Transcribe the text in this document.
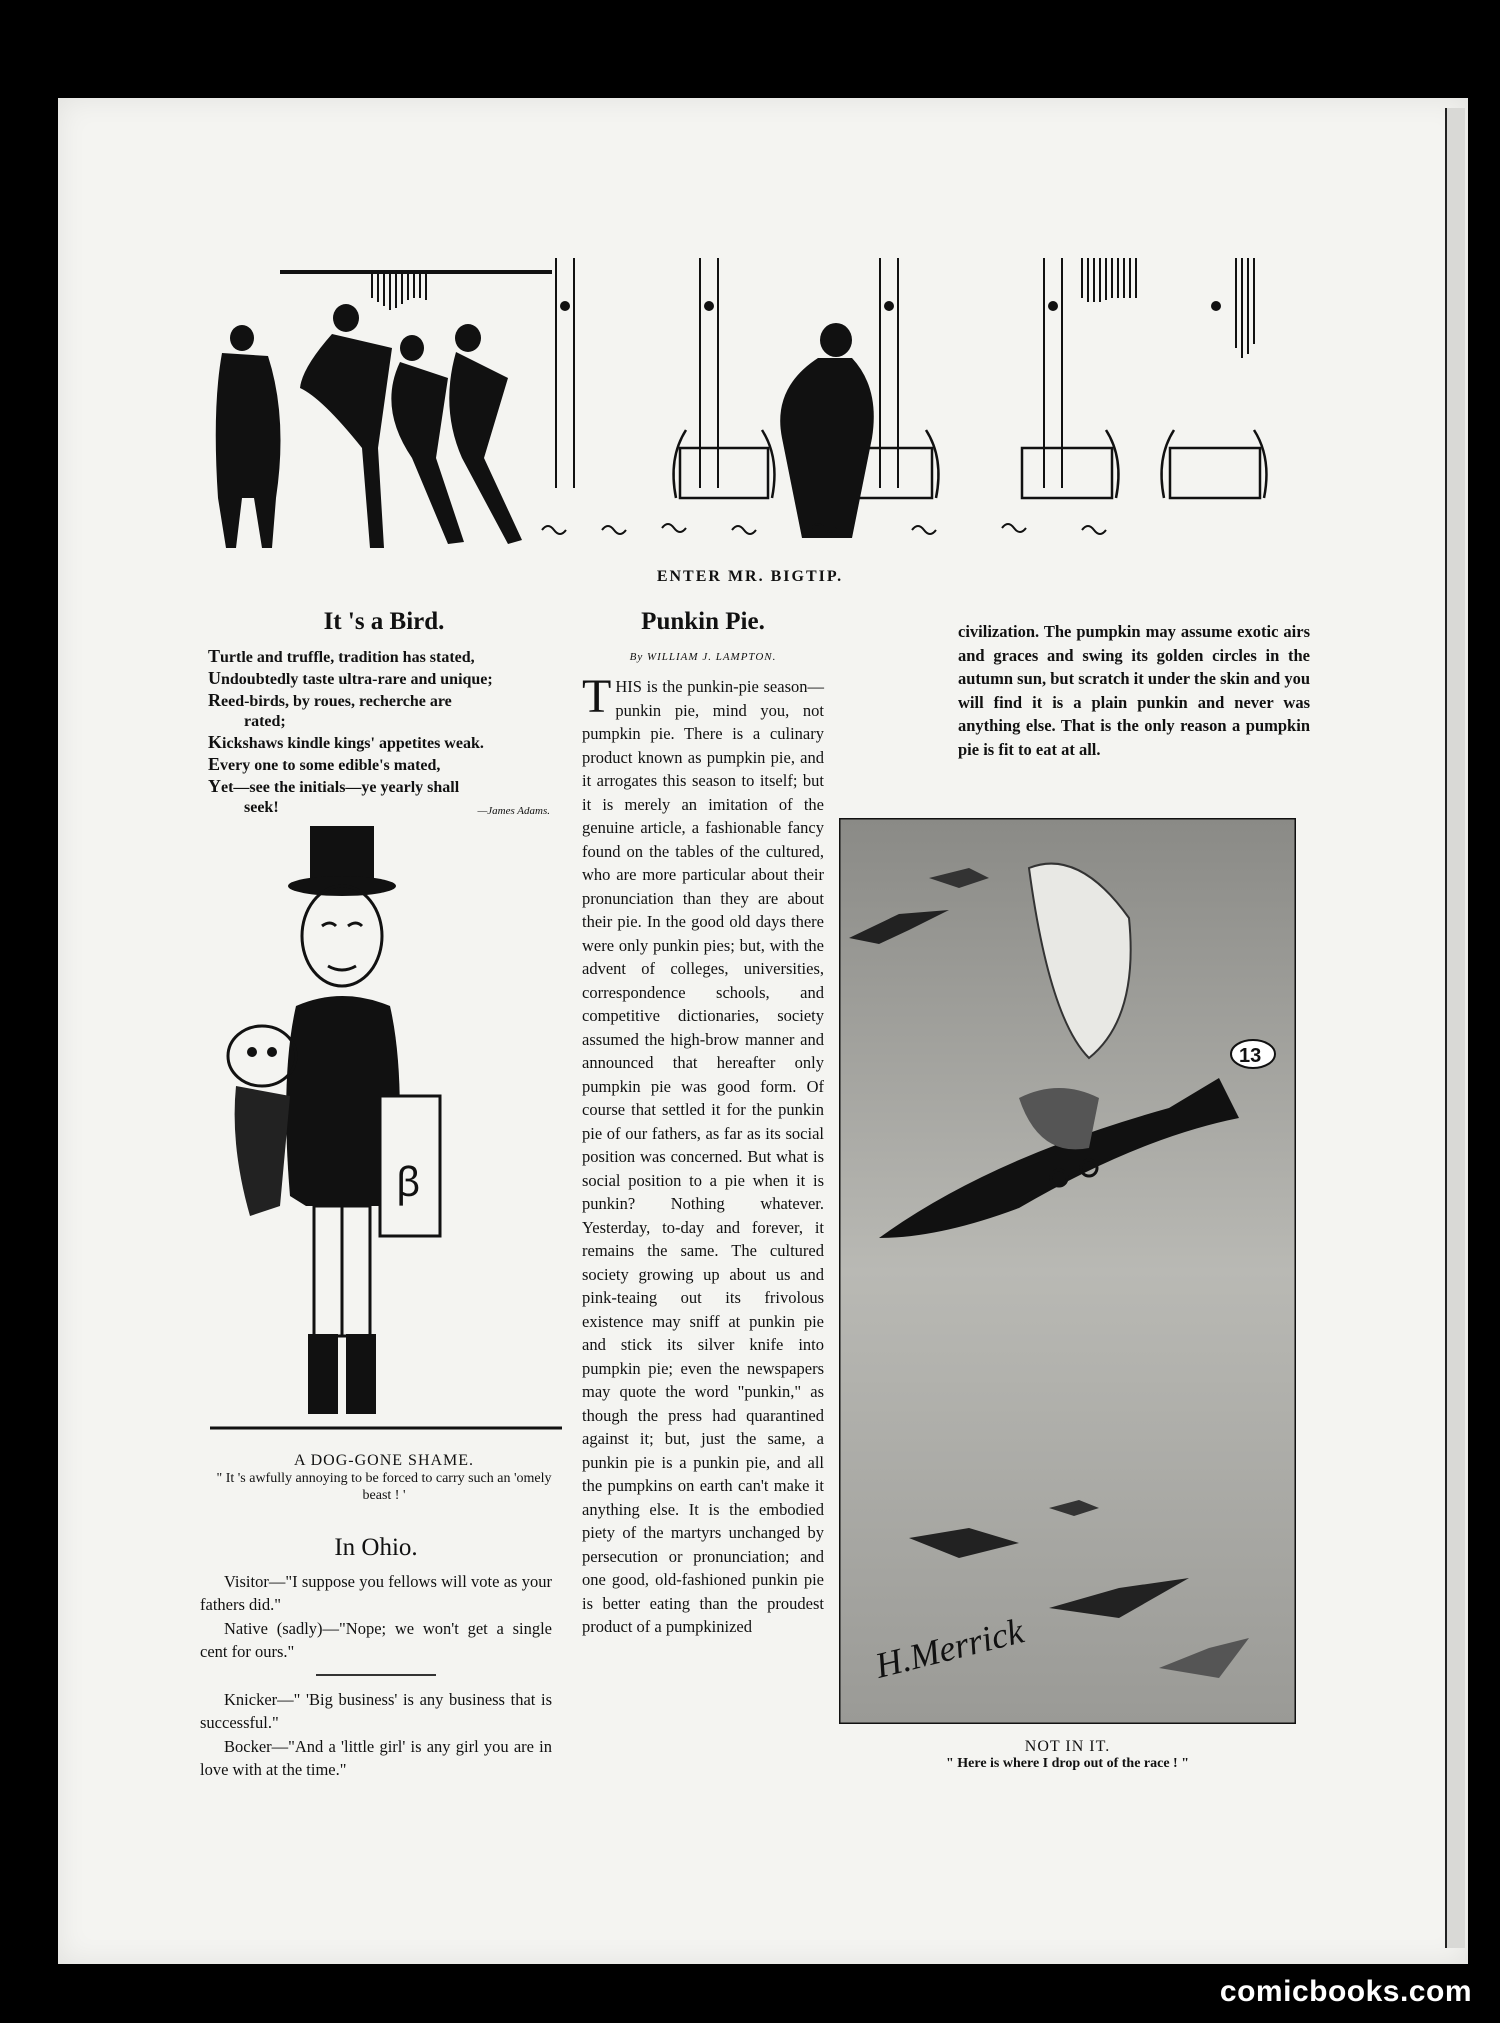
ENTER MR. BIGTIP.

It 's a Bird.

Turtle and truffle, tradition has stated,
Undoubtedly taste ultra-rare and unique;
Reed-birds, by roues, recherche are
rated;
Kickshaws kindle kings' appetites weak.
Every one to some edible's mated,
Yet—see the initials—ye yearly shall
seek!	—James Adams.
ꞵ
A DOG-GONE SHAME.
" It 's awfully annoying to be forced to carry such an 'omely beast ! '

In Ohio.

Visitor—"I suppose you fellows will vote as your fathers did."

Native (sadly)—"Nope; we won't get a single cent for ours."

Knicker—" 'Big business' is any business that is successful."

Bocker—"And a 'little girl' is any girl you are in love with at the time."

Punkin Pie.

By WILLIAM J. LAMPTON.

THIS is the punkin-pie season—punkin pie, mind you, not pumpkin pie. There is a culinary product known as pumpkin pie, and it arrogates this season to itself; but it is merely an imitation of the genuine article, a fashionable fancy found on the tables of the cultured, who are more particular about their pronunciation than they are about their pie. In the good old days there were only punkin pies; but, with the advent of colleges, universities, correspondence schools, and competitive dictionaries, society assumed the high-brow manner and announced that hereafter only pumpkin pie was good form. Of course that settled it for the punkin pie of our fathers, as far as its social position was concerned. But what is social position to a pie when it is punkin? Nothing whatever. Yesterday, to-day and forever, it remains the same. The cultured society growing up about us and pink-teaing out its frivolous existence may sniff at punkin pie and stick its silver knife into pumpkin pie; even the newspapers may quote the word "punkin," as though the press had quarantined against it; but, just the same, a punkin pie is a punkin pie, and all the pumpkins on earth can't make it anything else. It is the embodied piety of the martyrs unchanged by persecution or pronunciation; and one good, old-fashioned punkin pie is better eating than the proudest product of a pumpkinized

civilization. The pumpkin may assume exotic airs and graces and swing its golden circles in the autumn sun, but scratch it under the skin and you will find it is a plain punkin and never was anything else. That is the only reason a pumpkin pie is fit to eat at all.
13
H.Merrick
NOT IN IT.
" Here is where I drop out of the race ! "
comicbooks.com
